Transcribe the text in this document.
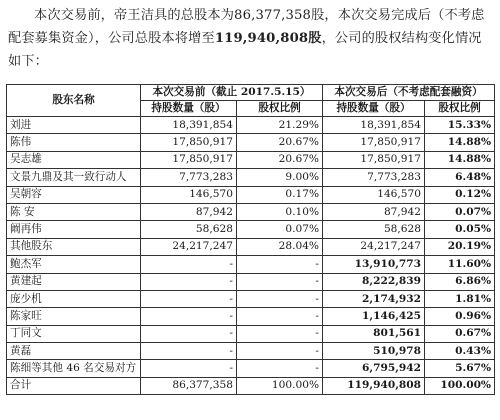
本次交易前，帝王洁具的总股本为86,377,358股，本次交易完成后（不考虑配套募集资金），公司总股本将增至119,940,808股，公司的股权结构变化情况如下：
股东名称	本次交易前（截止 2017.5.15）		本次交易后（不考虑配套融资）	
	持股数量（股）	股权比例	持股数量（股）	股权比例
刘进	18,391,854	21.29%	18,391,854	15.33%
陈伟	17,850,917	20.67%	17,850,917	14.88%
吴志雄	17,850,917	20.67%	17,850,917	14.88%
文景九鼎及其一致行动人	7,773,283	9.00%	7,773,283	6.48%
吴朝容	146,570	0.17%	146,570	0.12%
陈 安	87,942	0.10%	87,942	0.07%
阚再伟	58,628	0.07%	58,628	0.05%
其他股东	24,217,247	28.04%	24,217,247	20.19%
鲍杰军	-	-	13,910,773	11.60%
黄建起	-	-	8,222,839	6.86%
庞少机	-	-	2,174,932	1.81%
陈家旺	-	-	1,146,425	0.96%
丁同文	-	-	801,561	0.67%
黄磊	-	-	510,978	0.43%
陈细等其他 46 名交易对方	-	-	6,795,942	5.67%
合计	86,377,358	100.00%	119,940,808	100.00%
